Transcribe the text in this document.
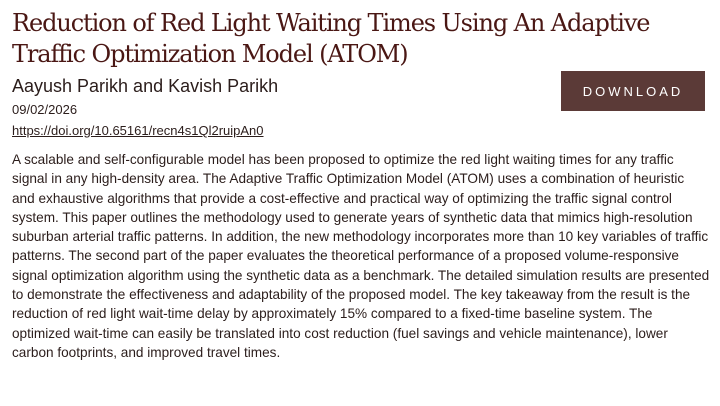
Reduction of Red Light Waiting Times Using An Adaptive Traffic Optimization Model (ATOM)

Aayush Parikh and Kavish Parikh

09/02/2026
https://doi.org/10.65161/recn4s1Ql2ruipAn0
DOWNLOAD

A scalable and self-configurable model has been proposed to optimize the red light waiting times for any traffic signal in any high-density area. The Adaptive Traffic Optimization Model (ATOM) uses a combination of heuristic and exhaustive algorithms that provide a cost-effective and practical way of optimizing the traffic signal control system. This paper outlines the methodology used to generate years of synthetic data that mimics high-resolution suburban arterial traffic patterns. In addition, the new methodology incorporates more than 10 key variables of traffic patterns. The second part of the paper evaluates the theoretical performance of a proposed volume-responsive signal optimization algorithm using the synthetic data as a benchmark. The detailed simulation results are presented to demonstrate the effectiveness and adaptability of the proposed model. The key takeaway from the result is the reduction of red light wait-time delay by approximately 15% compared to a fixed-time baseline system. The optimized wait-time can easily be translated into cost reduction (fuel savings and vehicle maintenance), lower carbon footprints, and improved travel times.
